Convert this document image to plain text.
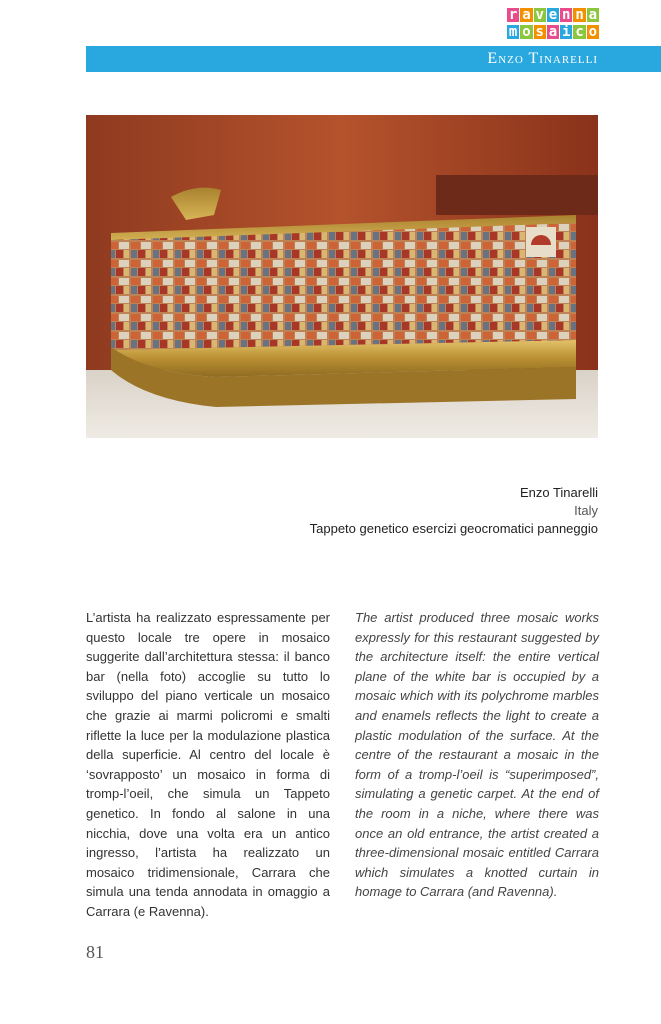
r a v e n n a
m o s a i c o
Enzo Tinarelli
Enzo Tinarelli
Italy
Tappeto genetico esercizi geocromatici panneggio
L’artista ha realizzato espressamente per questo locale tre opere in mosaico suggerite dall’architettura stessa: il banco bar (nella foto) accoglie su tutto lo sviluppo del piano verticale un mosaico che grazie ai marmi policromi e smalti riflette la luce per la modulazione plastica della superficie. Al centro del locale è ‘sovrapposto’ un mosaico in forma di tromp-l’oeil, che simula un Tappeto genetico. In fondo al salone in una nicchia, dove una volta era un antico ingresso, l’artista ha realizzato un mosaico tridimensionale, Carrara che simula una tenda annodata in omaggio a Carrara (e Ravenna).
The artist produced three mosaic works expressly for this restaurant suggested by the architecture itself: the entire vertical plane of the white bar is occupied by a mosaic which with its polychrome marbles and enamels reflects the light to create a plastic modulation of the surface. At the centre of the restaurant a mosaic in the form of a tromp-l’oeil is “superimposed”, simulating a genetic carpet. At the end of the room in a niche, where there was once an old entrance, the artist created a three-dimensional mosaic entitled Carrara which simulates a knotted curtain in homage to Carrara (and Ravenna).
81
